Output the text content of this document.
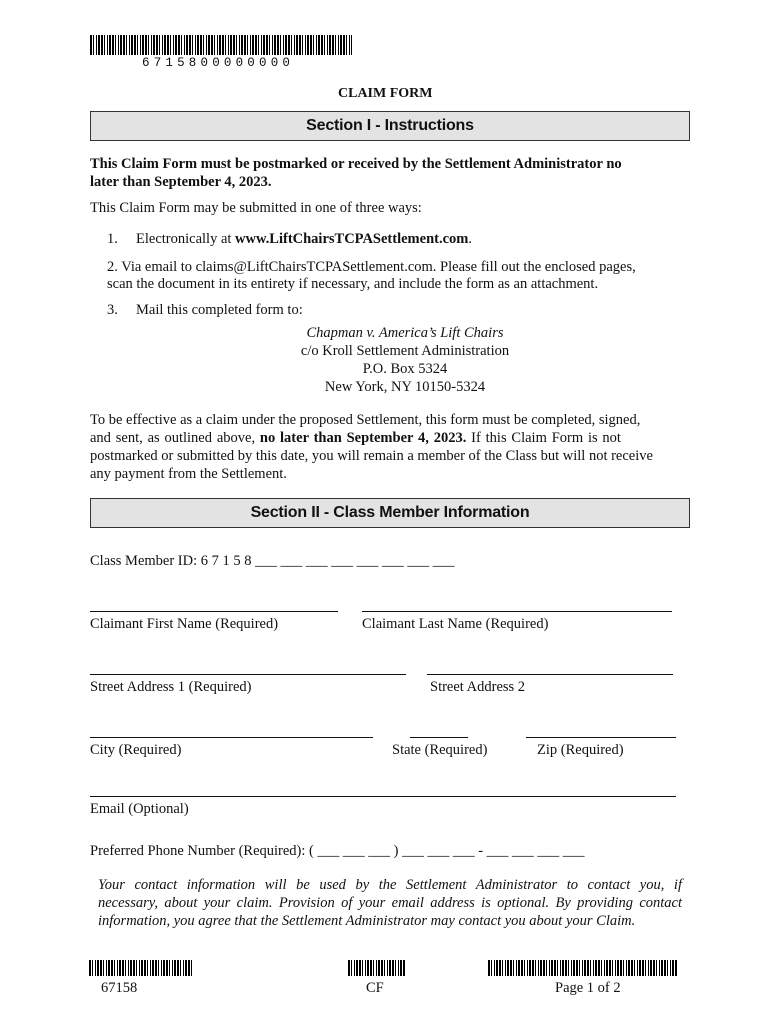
6715800000000
CLAIM FORM
Section I - Instructions
This Claim Form must be postmarked or received by the Settlement Administrator no
later than September 4, 2023.
This Claim Form may be submitted in one of three ways:
1. Electronically at www.LiftChairsTCPASettlement.com.
2. Via email to claims@LiftChairsTCPASettlement.com. Please fill out the enclosed pages,
scan the document in its entirety if necessary, and include the form as an attachment.
3. Mail this completed form to:
Chapman v. America’s Lift Chairs
c/o Kroll Settlement Administration
P.O. Box 5324
New York, NY 10150-5324
To be effective as a claim under the proposed Settlement, this form must be completed, signed,
and sent, as outlined above, no later than September 4, 2023. If this Claim Form is not
postmarked or submitted by this date, you will remain a member of the Class but will not receive
any payment from the Settlement.
Section II - Class Member Information
Class Member ID: 6 7 1 5 8 ___ ___ ___ ___ ___ ___ ___ ___
Claimant First Name (Required)	Claimant Last Name (Required)
Street Address 1 (Required)	Street Address 2
City (Required)	State (Required)	Zip (Required)
Email (Optional)
Preferred Phone Number (Required): ( ___ ___ ___ ) ___ ___ ___ - ___ ___ ___ ___
Your contact information will be used by the Settlement Administrator to contact you, if
necessary, about your claim. Provision of your email address is optional. By providing contact
information, you agree that the Settlement Administrator may contact you about your Claim.
67158	CF	Page 1 of 2
